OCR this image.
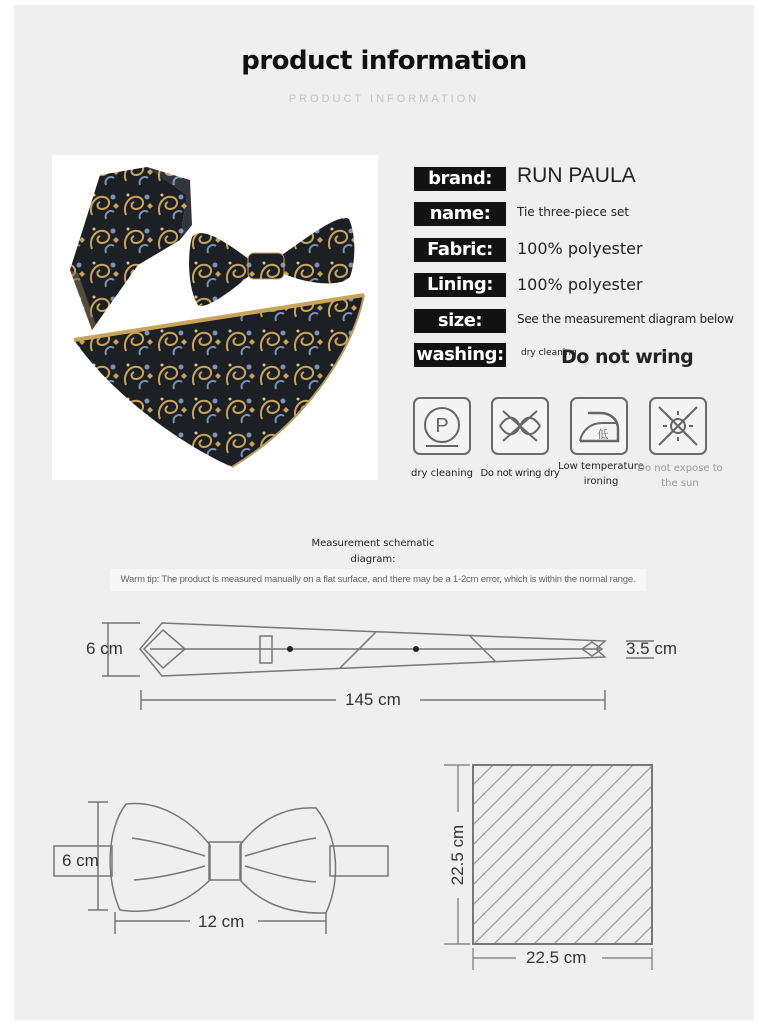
product information
PRODUCT INFORMATION
brand:	RUN PAULA
name:	Tie three-piece set
Fabric:	100% polyester
Lining:	100% polyester
size:	See the measurement diagram below
washing: dry cleaning
Do not wring
P	低
dry cleaning Do not wring dry
Low temperature ironing
Do not expose to the sun
Measurement schematic
diagram:
Warm tip: The product is measured manually on a flat surface, and there may be a 1-2cm error, which is within the normal range.
6 cm	3.5 cm
145 cm
6 cm
12 cm
22.5 cm
22.5 cm
